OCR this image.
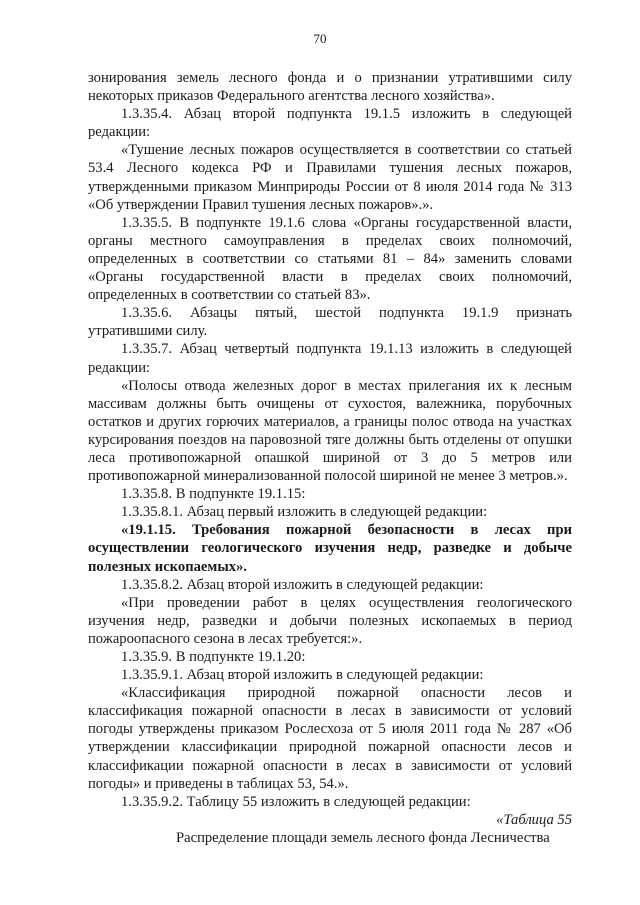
70

зонирования земель лесного фонда и о признании утратившими силу некоторых приказов Федерального агентства лесного хозяйства».

1.3.35.4. Абзац второй подпункта 19.1.5 изложить в следующей редакции:

«Тушение лесных пожаров осуществляется в соответствии со статьей 53.4 Лесного кодекса РФ и Правилами тушения лесных пожаров, утвержденными приказом Минприроды России от 8 июля 2014 года № 313 «Об утверждении Правил тушения лесных пожаров».».

1.3.35.5. В подпункте 19.1.6 слова «Органы государственной власти, органы местного самоуправления в пределах своих полномочий, определенных в соответствии со статьями 81 – 84» заменить словами «Органы государственной власти в пределах своих полномочий, определенных в соответствии со статьей 83».

1.3.35.6. Абзацы пятый, шестой подпункта 19.1.9 признать утратившими силу.

1.3.35.7. Абзац четвертый подпункта 19.1.13 изложить в следующей редакции:

«Полосы отвода железных дорог в местах прилегания их к лесным массивам должны быть очищены от сухостоя, валежника, порубочных остатков и других горючих материалов, а границы полос отвода на участках курсирования поездов на паровозной тяге должны быть отделены от опушки леса противопожарной опашкой шириной от 3 до 5 метров или противопожарной минерализованной полосой шириной не менее 3 метров.».

1.3.35.8. В подпункте 19.1.15:

1.3.35.8.1. Абзац первый изложить в следующей редакции:

«19.1.15. Требования пожарной безопасности в лесах при осуществлении геологического изучения недр, разведке и добыче полезных ископаемых».

1.3.35.8.2. Абзац второй изложить в следующей редакции:

«При проведении работ в целях осуществления геологического изучения недр, разведки и добычи полезных ископаемых в период пожароопасного сезона в лесах требуется:».

1.3.35.9. В подпункте 19.1.20:

1.3.35.9.1. Абзац второй изложить в следующей редакции:

«Классификация природной пожарной опасности лесов и классификация пожарной опасности в лесах в зависимости от условий погоды утверждены приказом Рослесхоза от 5 июля 2011 года № 287 «Об утверждении классификации природной пожарной опасности лесов и классификации пожарной опасности в лесах в зависимости от условий погоды» и приведены в таблицах 53, 54.».

1.3.35.9.2. Таблицу 55 изложить в следующей редакции:

«Таблица 55

Распределение площади земель лесного фонда Лесничества
